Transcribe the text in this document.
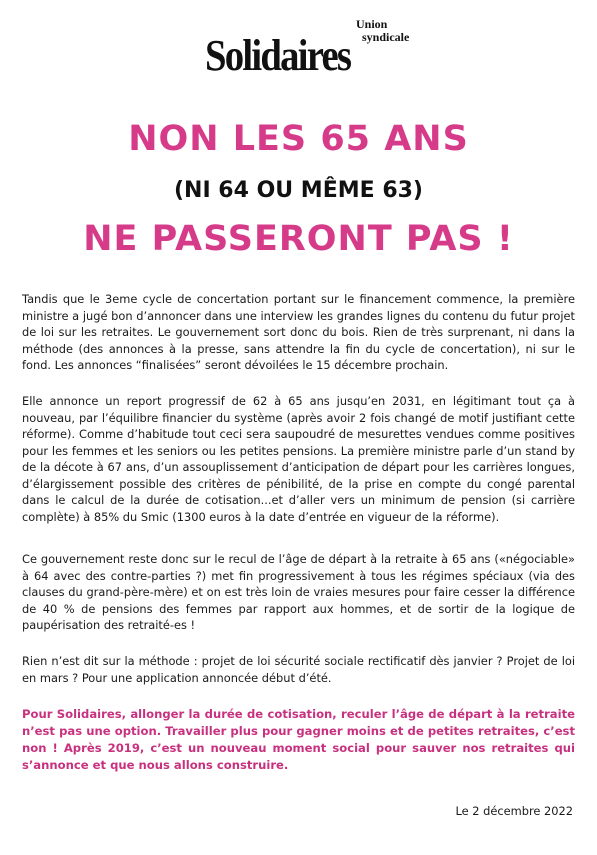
Union
syndicale
Solidaires
NON LES 65 ANS
(NI 64 OU MÊME 63)
NE PASSERONT PAS !

Tandis que le 3eme cycle de concertation portant sur le financement commence, la première ministre a jugé bon d’annoncer dans une interview les grandes lignes du contenu du futur projet de loi sur les retraites. Le gouvernement sort donc du bois. Rien de très surprenant, ni dans la méthode (des annonces à la presse, sans attendre la fin du cycle de concertation), ni sur le fond. Les annonces “finalisées” seront dévoilées le 15 décembre prochain.

Elle annonce un report progressif de 62 à 65 ans jusqu’en 2031, en légitimant tout ça à nouveau, par l’équilibre financier du système (après avoir 2 fois changé de motif justifiant cette réforme). Comme d’habitude tout ceci sera saupoudré de mesurettes vendues comme positives pour les femmes et les seniors ou les petites pensions. La première ministre parle d’un stand by de la décote à 67 ans, d’un assouplissement d’anticipation de départ pour les carrières longues, d’élargissement possible des critères de pénibilité, de la prise en compte du congé parental dans le calcul de la durée de cotisation...et d’aller vers un minimum de pension (si carrière complète) à 85% du Smic (1300 euros à la date d’entrée en vigueur de la réforme).

Ce gouvernement reste donc sur le recul de l’âge de départ à la retraite à 65 ans («négociable» à 64 avec des contre-parties ?) met fin progressivement à tous les régimes spéciaux (via des clauses du grand-père-mère) et on est très loin de vraies mesures pour faire cesser la différence de 40 % de pensions des femmes par rapport aux hommes, et de sortir de la logique de paupérisation des retraité-es !

Rien n’est dit sur la méthode : projet de loi sécurité sociale rectificatif dès janvier ? Projet de loi en mars ? Pour une application annoncée début d’été.

Pour Solidaires, allonger la durée de cotisation, reculer l’âge de départ à la retraite n’est pas une option. Travailler plus pour gagner moins et de petites retraites, c’est non ! Après 2019, c’est un nouveau moment social pour sauver nos retraites qui s’annonce et que nous allons construire.

Le 2 décembre 2022
